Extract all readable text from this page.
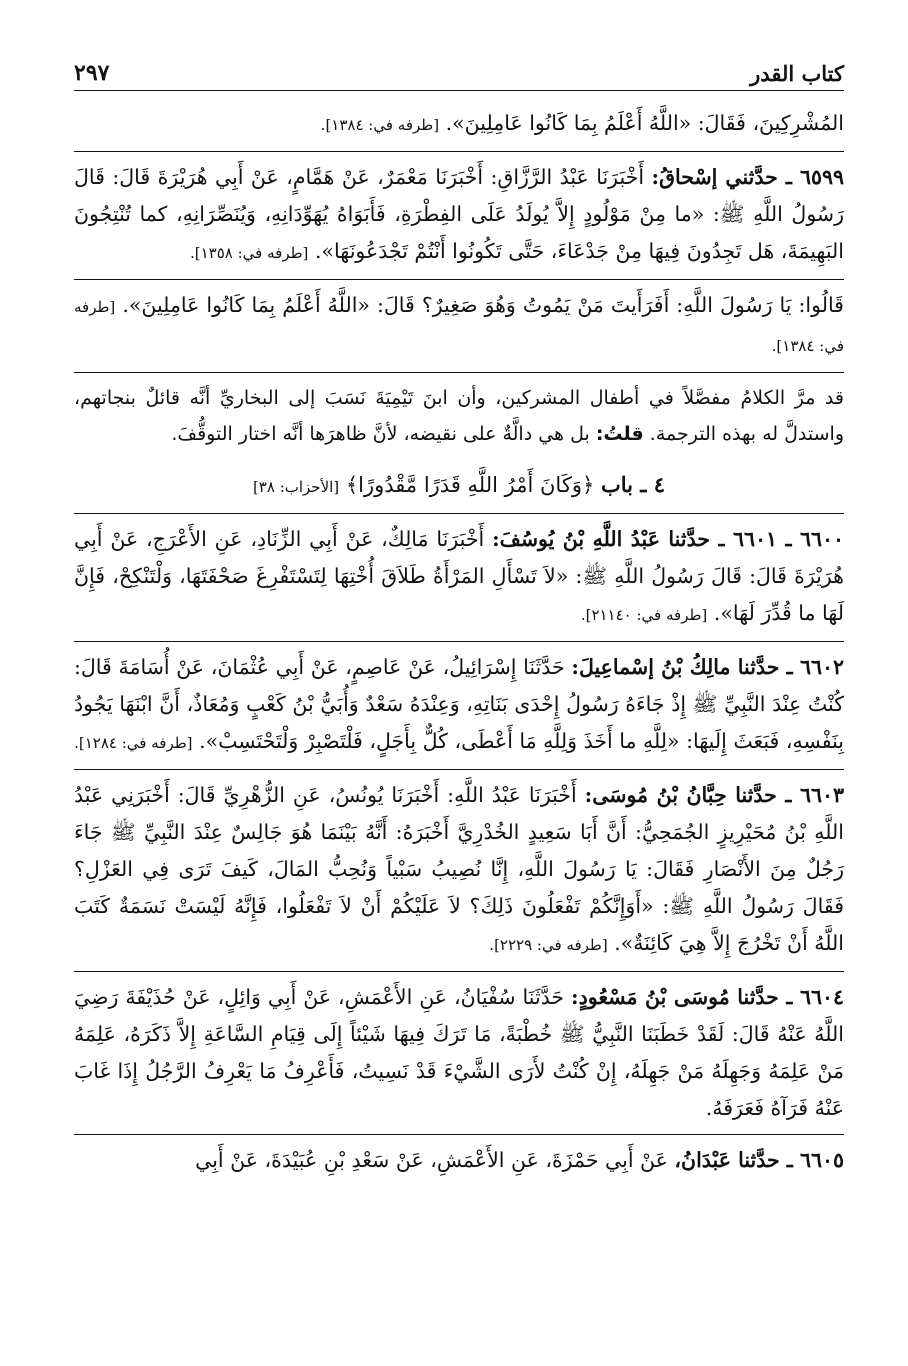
كتاب القدر
٢٩٧

المُشْرِكِينَ، فَقَالَ: «اللَّهُ أَعْلَمُ بِمَا كَانُوا عَامِلِينَ». [طرفه في: ١٣٨٤].

٦٥٩٩ ـ حدَّثني إسْحاقُ: أَخْبَرَنَا عَبْدُ الرَّزَّاقِ: أَخْبَرَنَا مَعْمَرٌ، عَنْ هَمَّامٍ، عَنْ أَبِي هُرَيْرَةَ قَالَ: قَالَ رَسُولُ اللَّهِ ﷺ: «ما مِنْ مَوْلُودٍ إِلاَّ يُولَدُ عَلَى الفِطْرَةِ، فَأَبَوَاهُ يُهَوِّدَانِهِ، وَيُنَصِّرَانِهِ، كما تُنْتِجُونَ البَهِيمَةَ، هَل تَجِدُونَ فِيهَا مِنْ جَدْعَاءَ، حَتَّى تَكُونُوا أَنْتُمْ تَجْدَعُونَهَا». [طرفه في: ١٣٥٨].

قَالُوا: يَا رَسُولَ اللَّهِ: أَفَرَأَيتَ مَنْ يَمُوتُ وَهُوَ صَغِيرٌ؟ قَالَ: «اللَّهُ أَعْلَمُ بِمَا كَانُوا عَامِلِينَ». [طرفه في: ١٣٨٤].

قد مرَّ الكلامُ مفصَّلاً في أطفال المشركين، وأن ابنَ تَيْمِيَةَ نَسَبَ إلى البخاريِّ أنَّه قائلٌ بنجاتهم، واستدلَّ له بهذه الترجمة. قلتُ: بل هي دالَّةٌ على نقيضه، لأنَّ ظاهرَها أنَّه اختار التوقُّفَ.

٤ ـ باب ﴿وَكَانَ أَمْرُ اللَّهِ قَدَرًا مَّقْدُورًا﴾ [الأحزاب: ٣٨]

٦٦٠٠ ـ ٦٦٠١ ـ حدَّثنا عَبْدُ اللَّهِ بْنُ يُوسُفَ: أَخْبَرَنَا مَالِكٌ، عَنْ أَبِي الزِّنَادِ، عَنِ الأَعْرَجِ، عَنْ أَبِي هُرَيْرَةَ قَالَ: قَالَ رَسُولُ اللَّهِ ﷺ: «لاَ تَسْأَلِ المَرْأَةُ طَلاَقَ أُخْتِهَا لِتَسْتَفْرِغَ صَحْفَتَهَا، وَلْتَنْكِحْ، فَإِنَّ لَهَا ما قُدِّرَ لَهَا». [طرفه في: ٢١١٤٠].

٦٦٠٢ ـ حدَّثنا مالِكُ بْنُ إسْماعِيلَ: حَدَّثَنَا إِسْرَائِيلُ، عَنْ عَاصِمٍ، عَنْ أَبِي عُثْمَانَ، عَنْ أُسَامَةَ قَالَ: كُنْتُ عِنْدَ النَّبِيِّ ﷺ إِذْ جَاءَهُ رَسُولُ إِحْدَى بَنَاتِهِ، وَعِنْدَهُ سَعْدٌ وَأُبَيُّ بْنُ كَعْبٍ وَمُعَاذٌ، أَنَّ ابْنَهَا يَجُودُ بِنَفْسِهِ، فَبَعَثَ إِلَيهَا: «لِلَّهِ ما أَخَذَ وَلِلَّهِ مَا أَعْطَى، كُلٌّ بِأَجَلٍ، فَلْتَصْبِرْ وَلْتَحْتَسِبْ». [طرفه في: ١٢٨٤].

٦٦٠٣ ـ حدَّثنا حِبَّانُ بْنُ مُوسَى: أَخْبَرَنَا عَبْدُ اللَّهِ: أَخْبَرَنَا يُونُسُ، عَنِ الزُّهْرِيِّ قَالَ: أَخْبَرَنِي عَبْدُ اللَّهِ بْنُ مُحَيْرِيزٍ الجُمَحِيُّ: أَنَّ أَبَا سَعِيدٍ الخُدْرِيَّ أَخْبَرَهُ: أَنَّهُ بَيْنَمَا هُوَ جَالِسٌ عِنْدَ النَّبِيِّ ﷺ جَاءَ رَجُلٌ مِنَ الأَنْصَارِ فَقَالَ: يَا رَسُولَ اللَّهِ، إِنَّا نُصِيبُ سَبْياً وَنُحِبُّ المَالَ، كَيفَ تَرَى فِي العَزْلِ؟ فَقَالَ رَسُولُ اللَّهِ ﷺ: «أَوَإِنَّكُمْ تَفْعَلُونَ ذَلِكَ؟ لاَ عَلَيْكُمْ أَنْ لاَ تَفْعَلُوا، فَإِنَّهُ لَيْسَتْ نَسَمَةٌ كَتَبَ اللَّهُ أَنْ تَخْرُجَ إِلاَّ هِيَ كَائِنَةٌ». [طرفه في: ٢٢٢٩].

٦٦٠٤ ـ حدَّثنا مُوسَى بْنُ مَسْعُودٍ: حَدَّثَنَا سُفْيَانُ، عَنِ الأَعْمَشِ، عَنْ أَبِي وَائِلٍ، عَنْ حُذَيْفَةَ رَضِيَ اللَّهُ عَنْهُ قَالَ: لَقَدْ خَطَبَنَا النَّبِيُّ ﷺ خُطْبَةً، مَا تَرَكَ فِيهَا شَيْئاً إِلَى قِيَامِ السَّاعَةِ إِلاَّ ذَكَرَهُ، عَلِمَهُ مَنْ عَلِمَهُ وَجَهِلَهُ مَنْ جَهِلَهُ، إِنْ كُنْتُ لأَرَى الشَّيْءَ قَدْ نَسِيتُ، فَأَعْرِفُ مَا يَعْرِفُ الرَّجُلُ إِذَا غَابَ عَنْهُ فَرَآهُ فَعَرَفَهُ.

٦٦٠٥ ـ حدَّثنا عَبْدَانُ، عَنْ أَبِي حَمْزَةَ، عَنِ الأَعْمَشِ، عَنْ سَعْدِ بْنِ عُبَيْدَةَ، عَنْ أَبِي
